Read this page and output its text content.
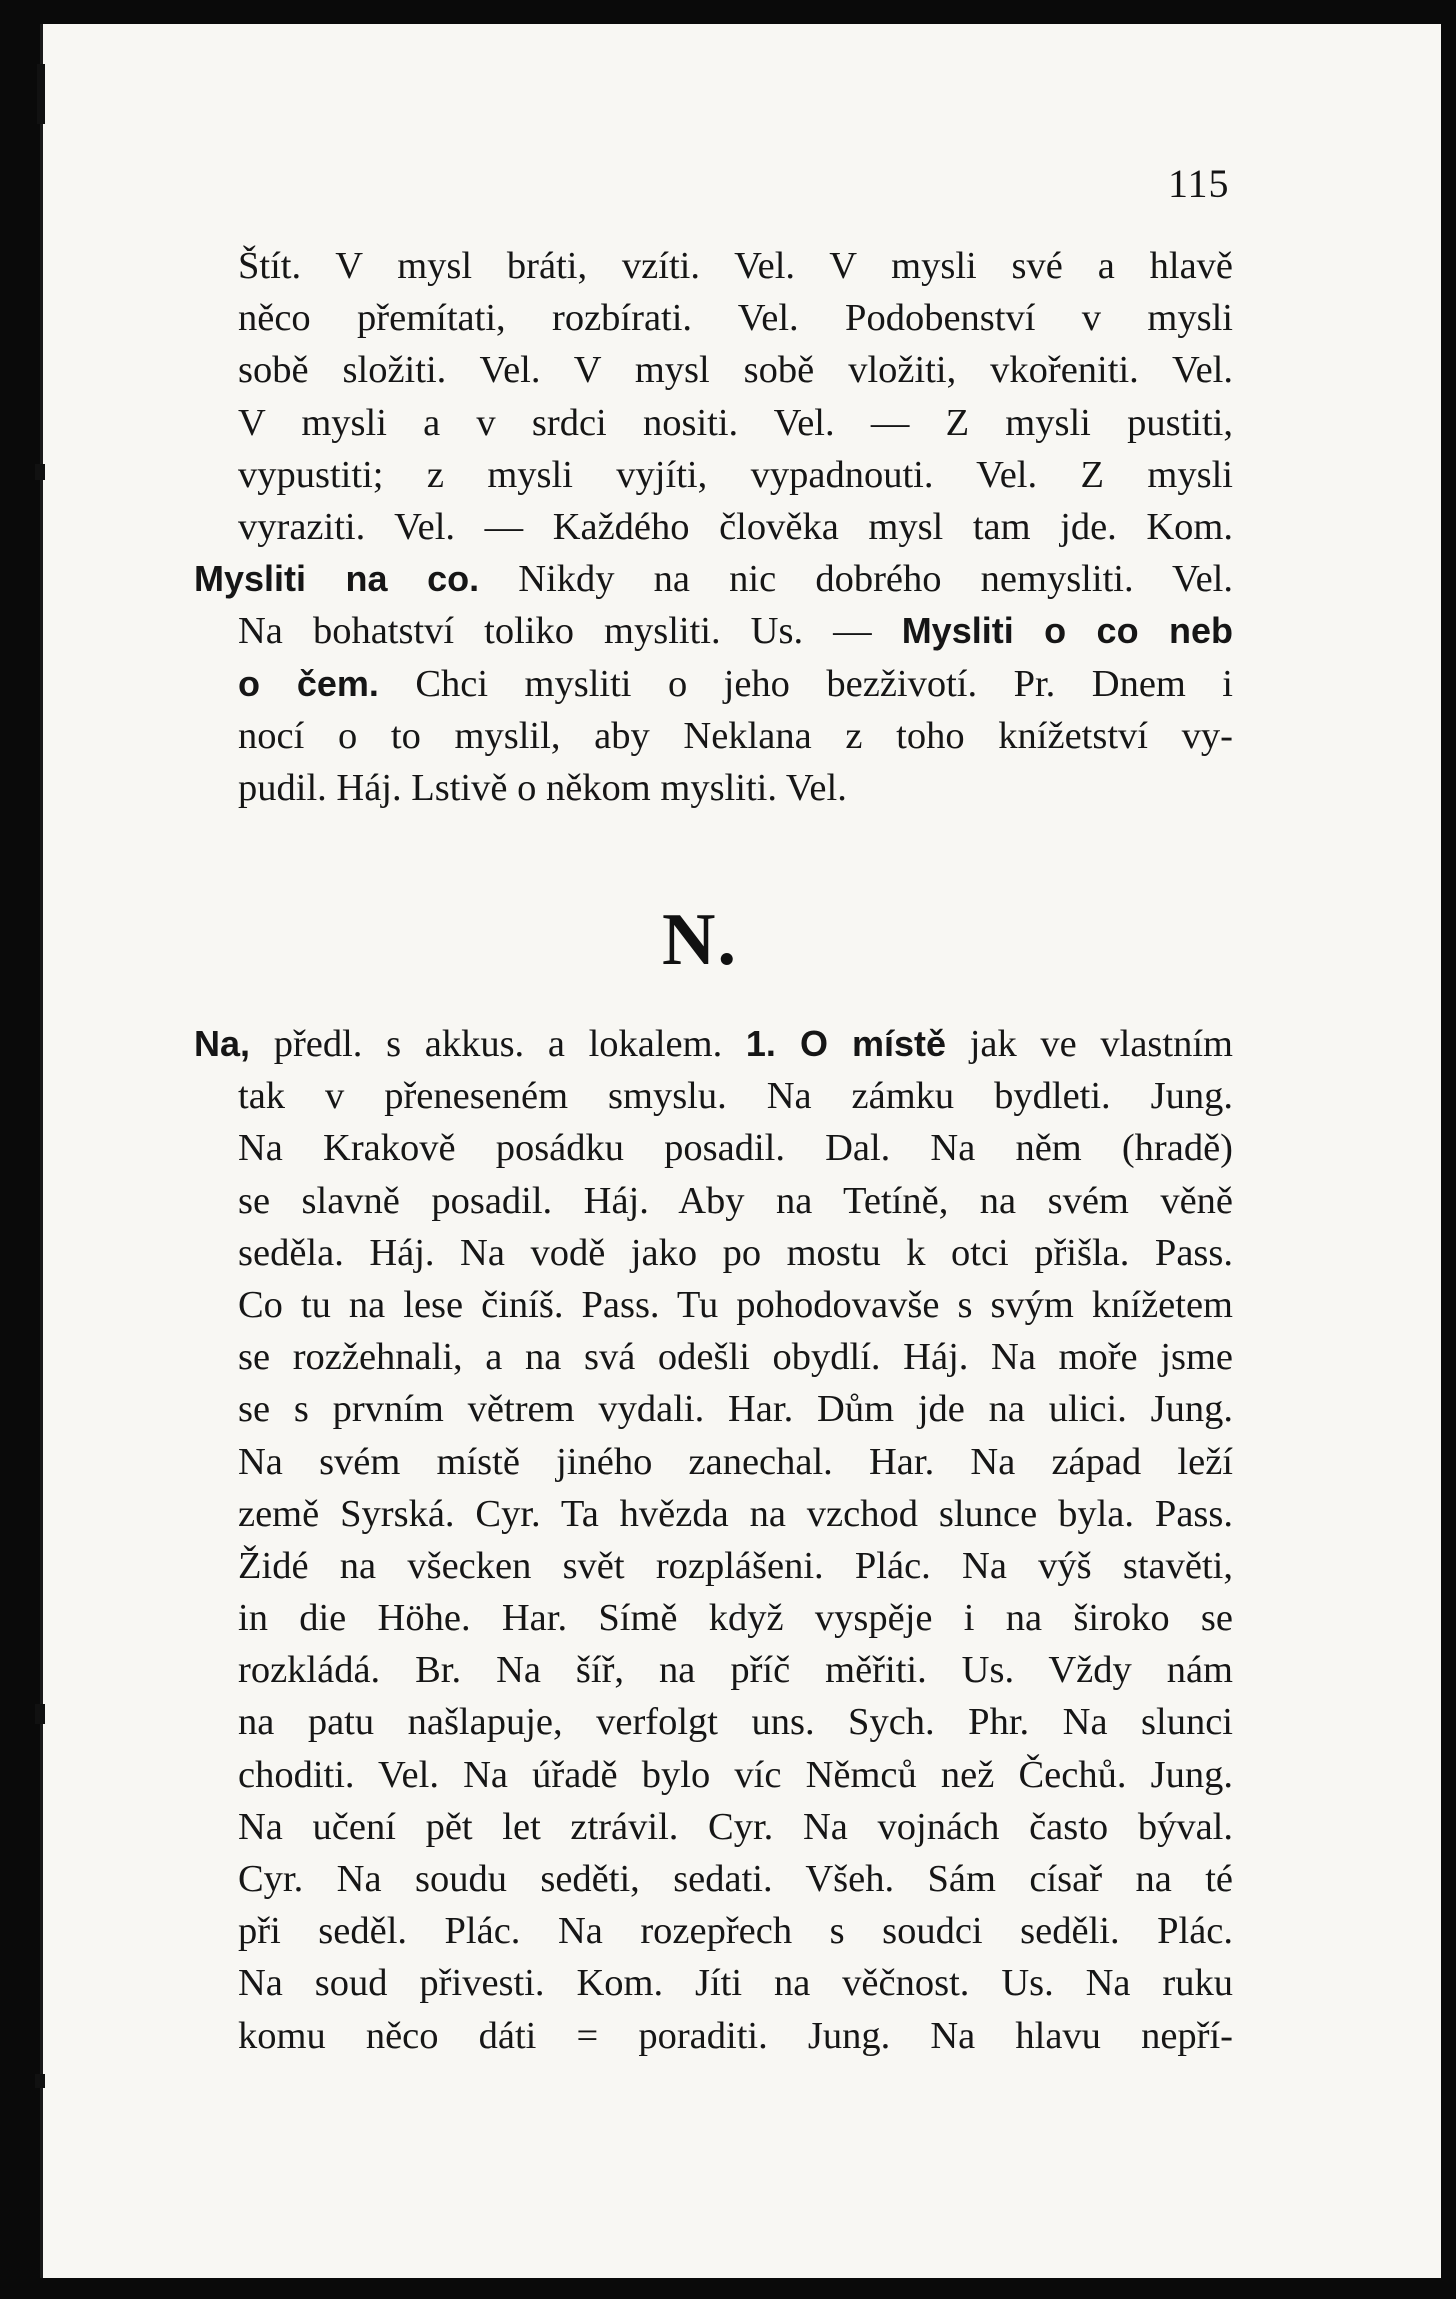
115
Štít. V mysl bráti, vzíti. Vel. V mysli své a hlavě
něco přemítati, rozbírati. Vel. Podobenství v mysli
sobě složiti. Vel. V mysl sobě vložiti, vkořeniti. Vel.
V mysli a v srdci nositi. Vel. — Z mysli pustiti,
vypustiti; z mysli vyjíti, vypadnouti. Vel. Z mysli
vyraziti. Vel. — Každého člověka mysl tam jde. Kom.
Mysliti na co. Nikdy na nic dobrého nemysliti. Vel.
Na bohatství toliko mysliti. Us. — Mysliti o co neb
o čem. Chci mysliti o jeho bezživotí. Pr. Dnem i
nocí o to myslil, aby Neklana z toho knížetství vy-
pudil. Háj. Lstivě o někom mysliti. Vel.
N.
Na, předl. s akkus. a lokalem. 1. O místě jak ve vlastním
tak v přeneseném smyslu. Na zámku bydleti. Jung.
Na Krakově posádku posadil. Dal. Na něm (hradě)
se slavně posadil. Háj. Aby na Tetíně, na svém věně
seděla. Háj. Na vodě jako po mostu k otci přišla. Pass.
Co tu na lese činíš. Pass. Tu pohodovavše s svým knížetem
se rozžehnali, a na svá odešli obydlí. Háj. Na moře jsme
se s prvním větrem vydali. Har. Dům jde na ulici. Jung.
Na svém místě jiného zanechal. Har. Na západ leží
země Syrská. Cyr. Ta hvězda na vzchod slunce byla. Pass.
Židé na všecken svět rozplášeni. Plác. Na výš stavěti,
in die Höhe. Har. Símě když vyspěje i na široko se
rozkládá. Br. Na šíř, na příč měřiti. Us. Vždy nám
na patu našlapuje, verfolgt uns. Sych. Phr. Na slunci
choditi. Vel. Na úřadě bylo víc Němců než Čechů. Jung.
Na učení pět let ztrávil. Cyr. Na vojnách často býval.
Cyr. Na soudu seděti, sedati. Všeh. Sám císař na té
při seděl. Plác. Na rozepřech s soudci seděli. Plác.
Na soud přivesti. Kom. Jíti na věčnost. Us. Na ruku
komu něco dáti = poraditi. Jung. Na hlavu nepří-
